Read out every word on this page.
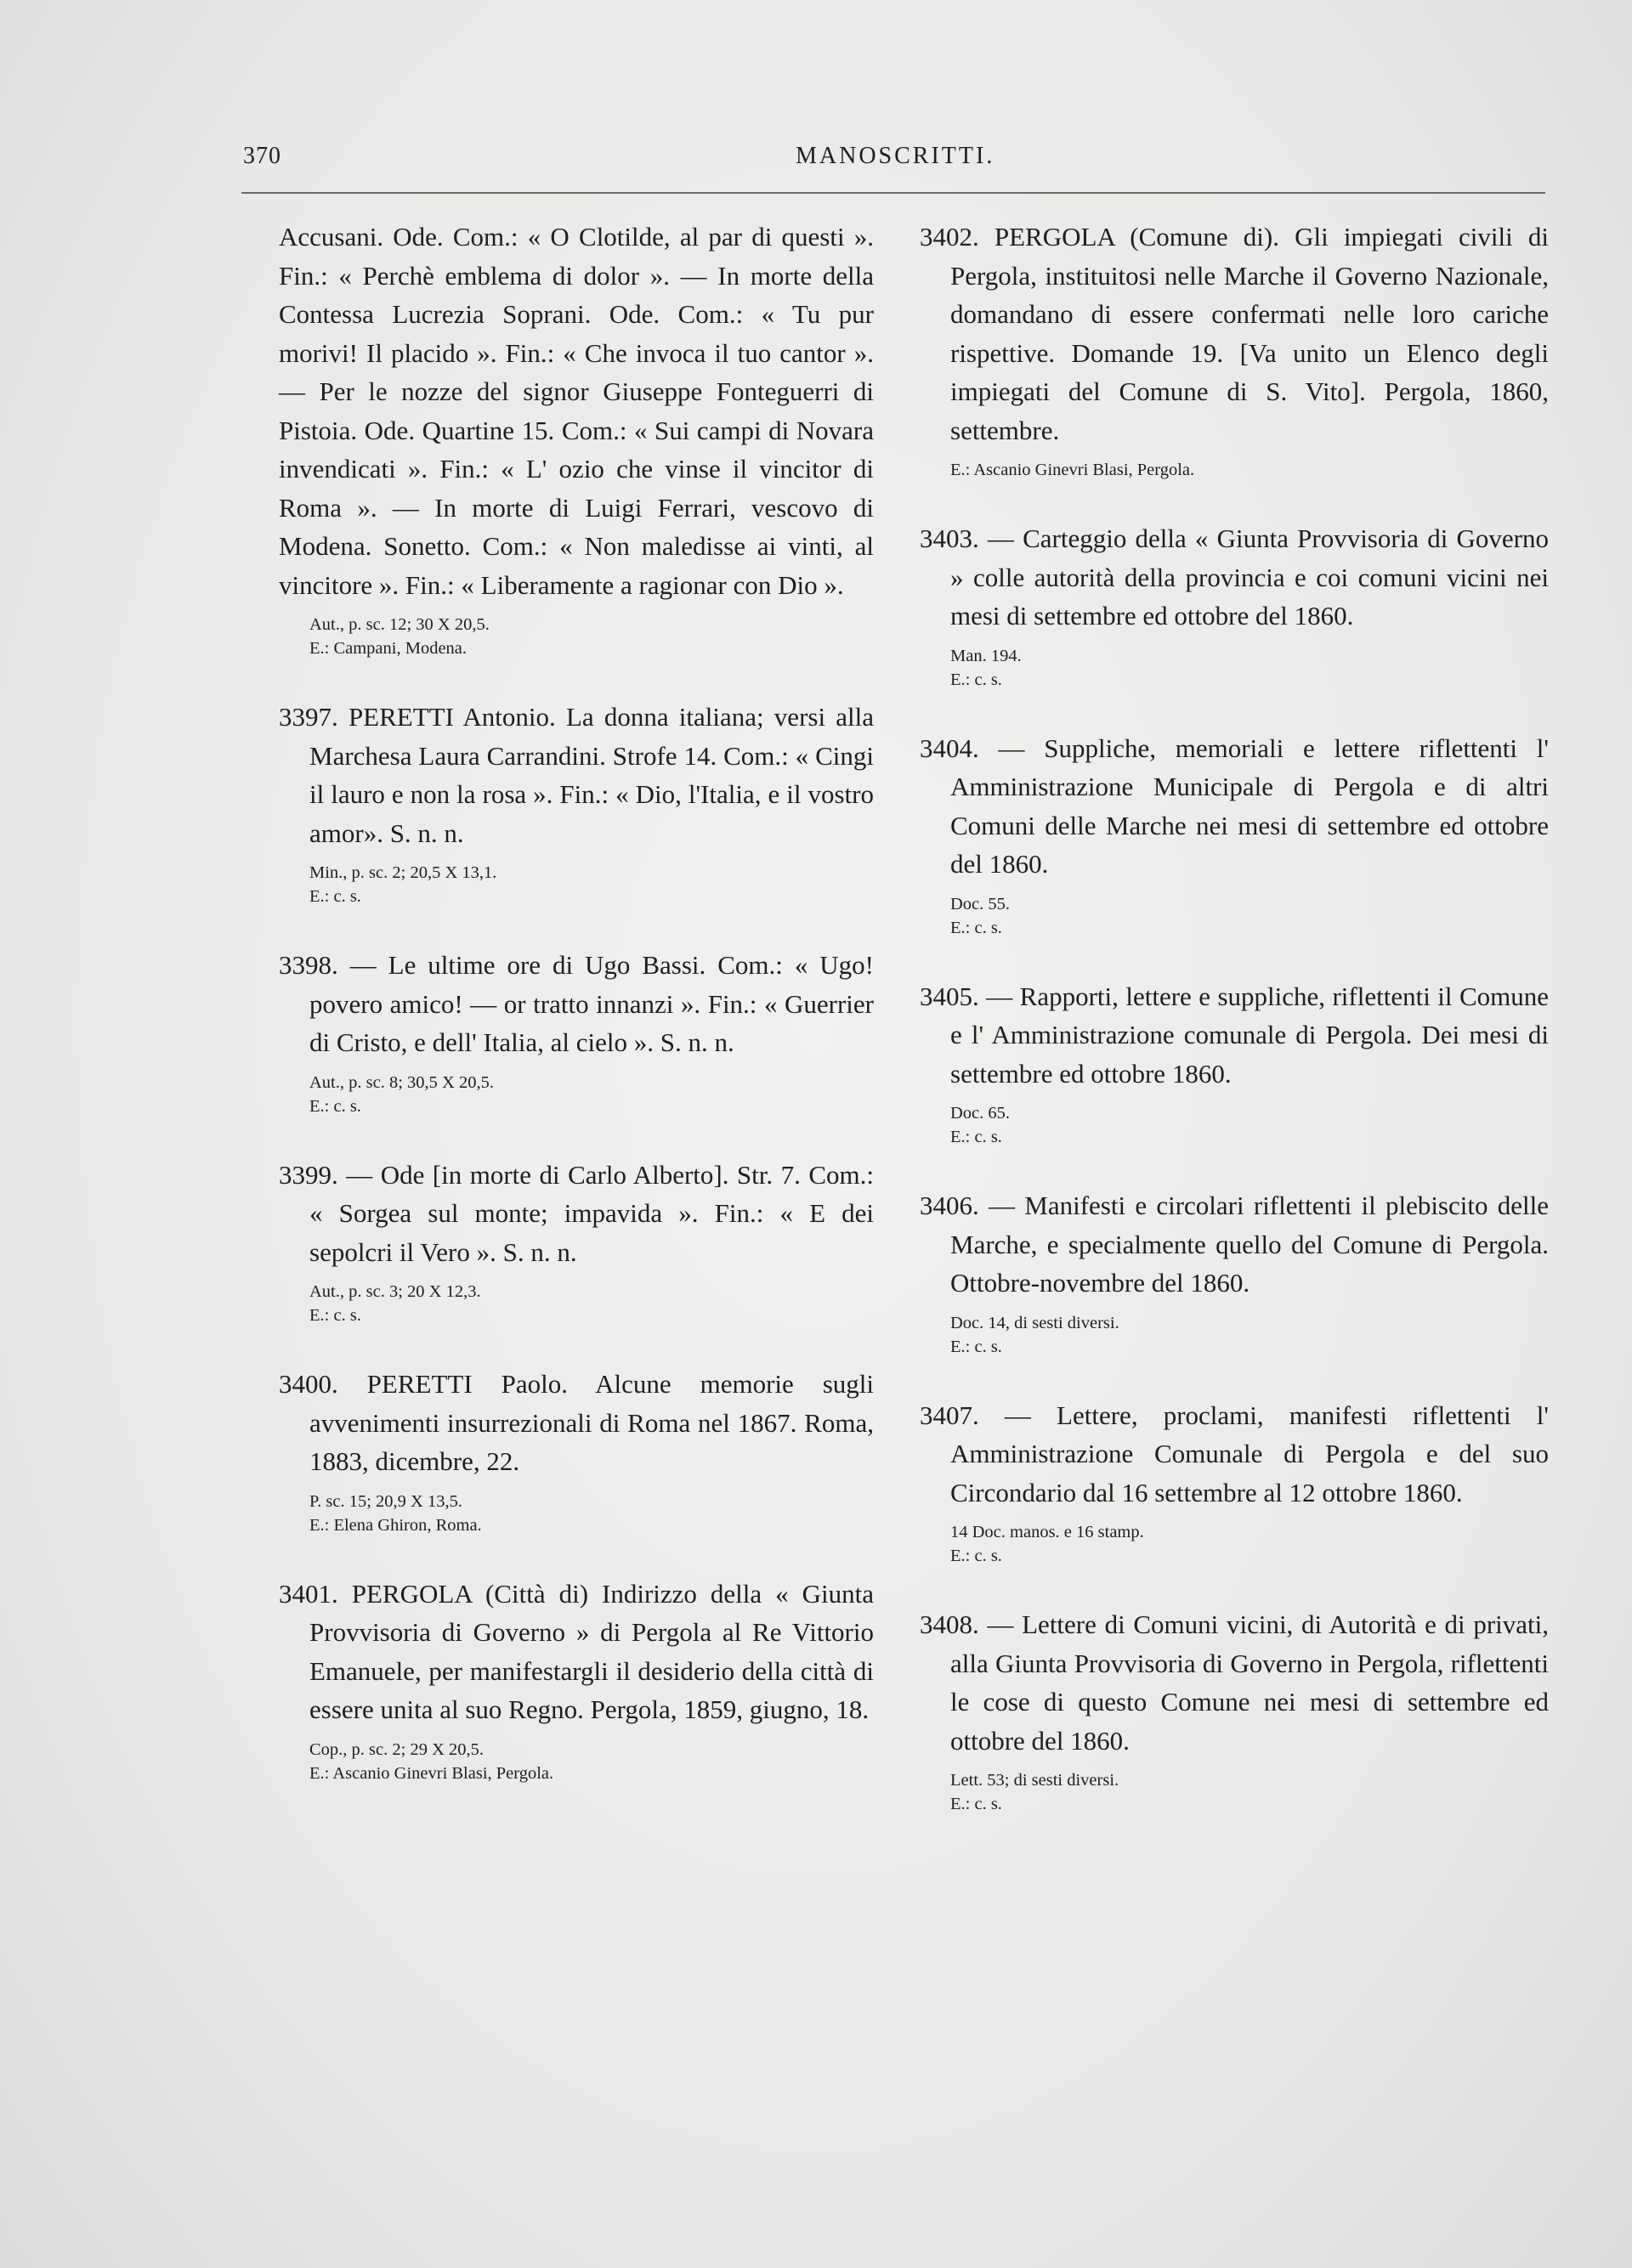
370	MANOSCRITTI.

Accusani. Ode. Com.: « O Clotilde, al par di questi ». Fin.: « Perchè emblema di dolor ». — In morte della Contessa Lucrezia Soprani. Ode. Com.: « Tu pur morivi! Il placido ». Fin.: « Che invoca il tuo cantor ». — Per le nozze del signor Giuseppe Fonteguerri di Pistoia. Ode. Quartine 15. Com.: « Sui campi di Novara invendicati ». Fin.: « L' ozio che vinse il vincitor di Roma ». — In morte di Luigi Ferrari, vescovo di Modena. Sonetto. Com.: « Non maledisse ai vinti, al vincitore ». Fin.: « Liberamente a ragionar con Dio ».

Aut., p. sc. 12; 30 X 20,5.
E.: Campani, Modena.

3397. PERETTI Antonio. La donna italiana; versi alla Marchesa Laura Carrandini. Strofe 14. Com.: « Cingi il lauro e non la rosa ». Fin.: « Dio, l'Italia, e il vostro amor». S. n. n.

Min., p. sc. 2; 20,5 X 13,1.
E.: c. s.

3398. — Le ultime ore di Ugo Bassi. Com.: « Ugo! povero amico! — or tratto innanzi ». Fin.: « Guerrier di Cristo, e dell' Italia, al cielo ». S. n. n.

Aut., p. sc. 8; 30,5 X 20,5.
E.: c. s.

3399. — Ode [in morte di Carlo Alberto]. Str. 7. Com.: « Sorgea sul monte; impavida ». Fin.: « E dei sepolcri il Vero ». S. n. n.

Aut., p. sc. 3; 20 X 12,3.
E.: c. s.

3400. PERETTI Paolo. Alcune memorie sugli avvenimenti insurrezionali di Roma nel 1867. Roma, 1883, dicembre, 22.

P. sc. 15; 20,9 X 13,5.
E.: Elena Ghiron, Roma.

3401. PERGOLA (Città di) Indirizzo della « Giunta Provvisoria di Governo » di Pergola al Re Vittorio Emanuele, per manifestargli il desiderio della città di essere unita al suo Regno. Pergola, 1859, giugno, 18.

Cop., p. sc. 2; 29 X 20,5.
E.: Ascanio Ginevri Blasi, Pergola.

3402. PERGOLA (Comune di). Gli impiegati civili di Pergola, instituitosi nelle Marche il Governo Nazionale, domandano di essere confermati nelle loro cariche rispettive. Domande 19. [Va unito un Elenco degli impiegati del Comune di S. Vito]. Pergola, 1860, settembre.

E.: Ascanio Ginevri Blasi, Pergola.

3403. — Carteggio della « Giunta Provvisoria di Governo » colle autorità della provincia e coi comuni vicini nei mesi di settembre ed ottobre del 1860.

Man. 194.
E.: c. s.

3404. — Suppliche, memoriali e lettere riflettenti l' Amministrazione Municipale di Pergola e di altri Comuni delle Marche nei mesi di settembre ed ottobre del 1860.

Doc. 55.
E.: c. s.

3405. — Rapporti, lettere e suppliche, riflettenti il Comune e l' Amministrazione comunale di Pergola. Dei mesi di settembre ed ottobre 1860.

Doc. 65.
E.: c. s.

3406. — Manifesti e circolari riflettenti il plebiscito delle Marche, e specialmente quello del Comune di Pergola. Ottobre-novembre del 1860.

Doc. 14, di sesti diversi.
E.: c. s.

3407. — Lettere, proclami, manifesti riflettenti l' Amministrazione Comunale di Pergola e del suo Circondario dal 16 settembre al 12 ottobre 1860.

14 Doc. manos. e 16 stamp.
E.: c. s.

3408. — Lettere di Comuni vicini, di Autorità e di privati, alla Giunta Provvisoria di Governo in Pergola, riflettenti le cose di questo Comune nei mesi di settembre ed ottobre del 1860.

Lett. 53; di sesti diversi.
E.: c. s.
